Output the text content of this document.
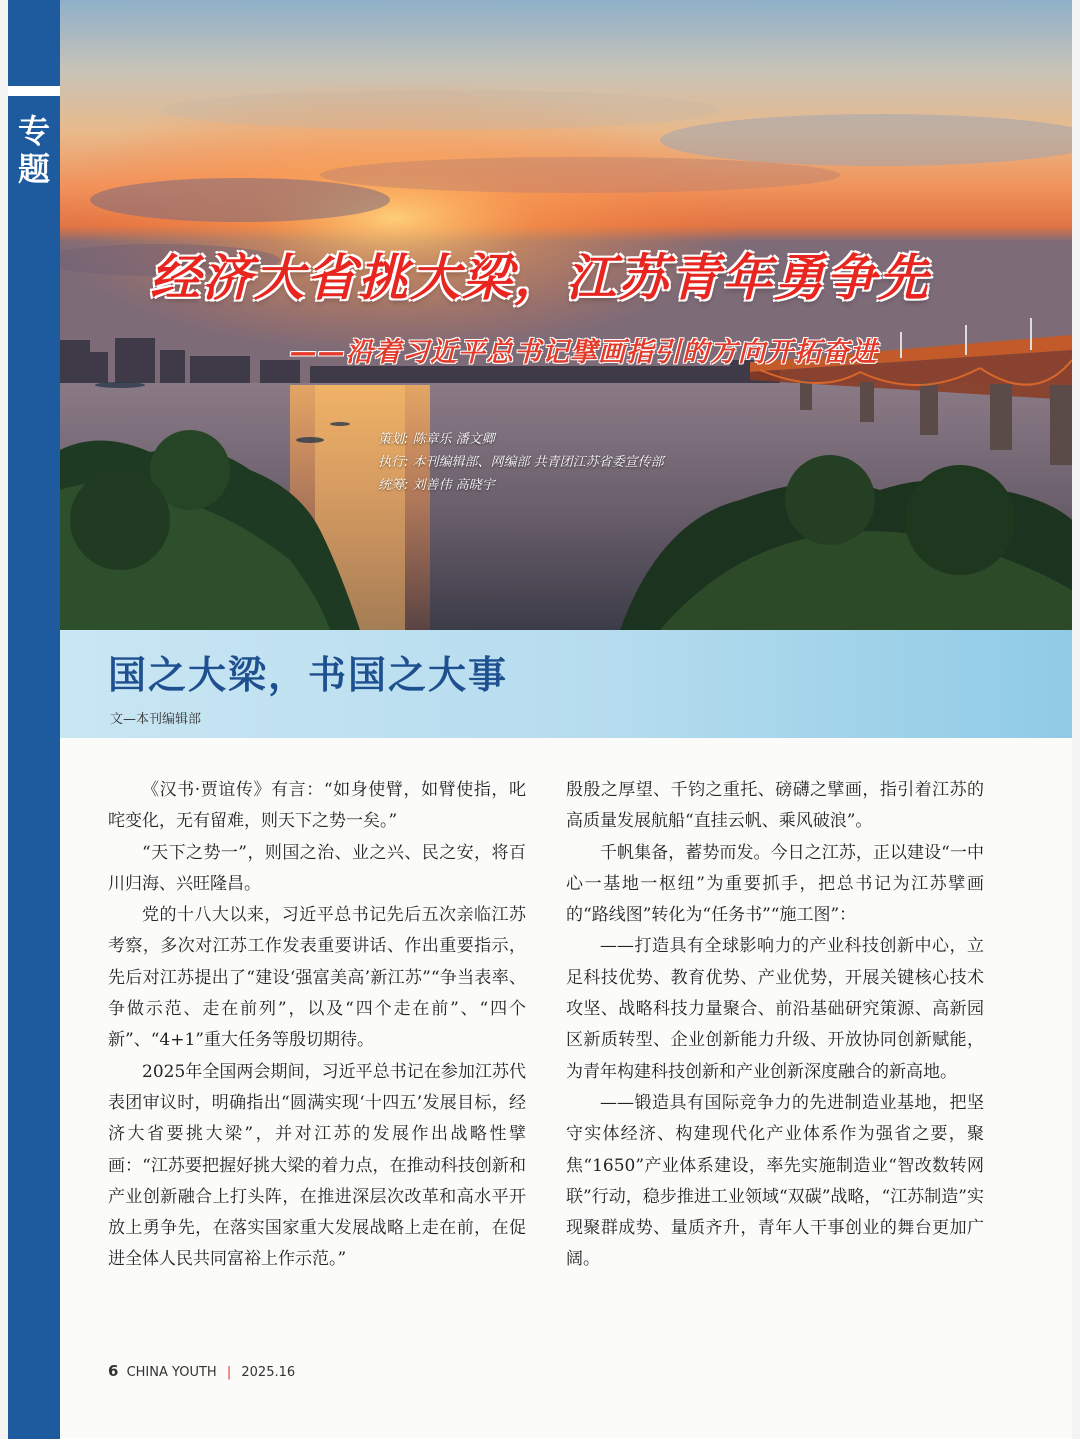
专题
经济大省挑大梁，江苏青年勇争先
——沿着习近平总书记擘画指引的方向开拓奋进
策划: 陈章乐 潘文卿
执行: 本刊编辑部、网编部 共青团江苏省委宣传部
统筹: 刘善伟 高晓宇
国之大梁，书国之大事
文—本刊编辑部

《汉书·贾谊传》有言：“如身使臂，如臂使指，叱咤变化，无有留难，则天下之势一矣。”

“天下之势一”，则国之治、业之兴、民之安，将百川归海、兴旺隆昌。

党的十八大以来，习近平总书记先后五次亲临江苏考察，多次对江苏工作发表重要讲话、作出重要指示，先后对江苏提出了“建设‘强富美高’新江苏”“争当表率、争做示范、走在前列”，以及“四个走在前”、“四个新”、“4+1”重大任务等殷切期待。

2025年全国两会期间，习近平总书记在参加江苏代表团审议时，明确指出“圆满实现‘十四五’发展目标，经济大省要挑大梁”，并对江苏的发展作出战略性擘画：“江苏要把握好挑大梁的着力点，在推动科技创新和产业创新融合上打头阵，在推进深层次改革和高水平开放上勇争先，在落实国家重大发展战略上走在前，在促进全体人民共同富裕上作示范。”

殷殷之厚望、千钧之重托、磅礴之擘画，指引着江苏的高质量发展航船“直挂云帆、乘风破浪”。

千帆集备，蓄势而发。今日之江苏，正以建设“一中心一基地一枢纽”为重要抓手，把总书记为江苏擘画的“路线图”转化为“任务书”“施工图”：

——打造具有全球影响力的产业科技创新中心，立足科技优势、教育优势、产业优势，开展关键核心技术攻坚、战略科技力量聚合、前沿基础研究策源、高新园区新质转型、企业创新能力升级、开放协同创新赋能，为青年构建科技创新和产业创新深度融合的新高地。

——锻造具有国际竞争力的先进制造业基地，把坚守实体经济、构建现代化产业体系作为强省之要，聚焦“1650”产业体系建设，率先实施制造业“智改数转网联”行动，稳步推进工业领域“双碳”战略，“江苏制造”实现聚群成势、量质齐升，青年人干事创业的舞台更加广阔。

6 CHINA YOUTH | 2025.16
